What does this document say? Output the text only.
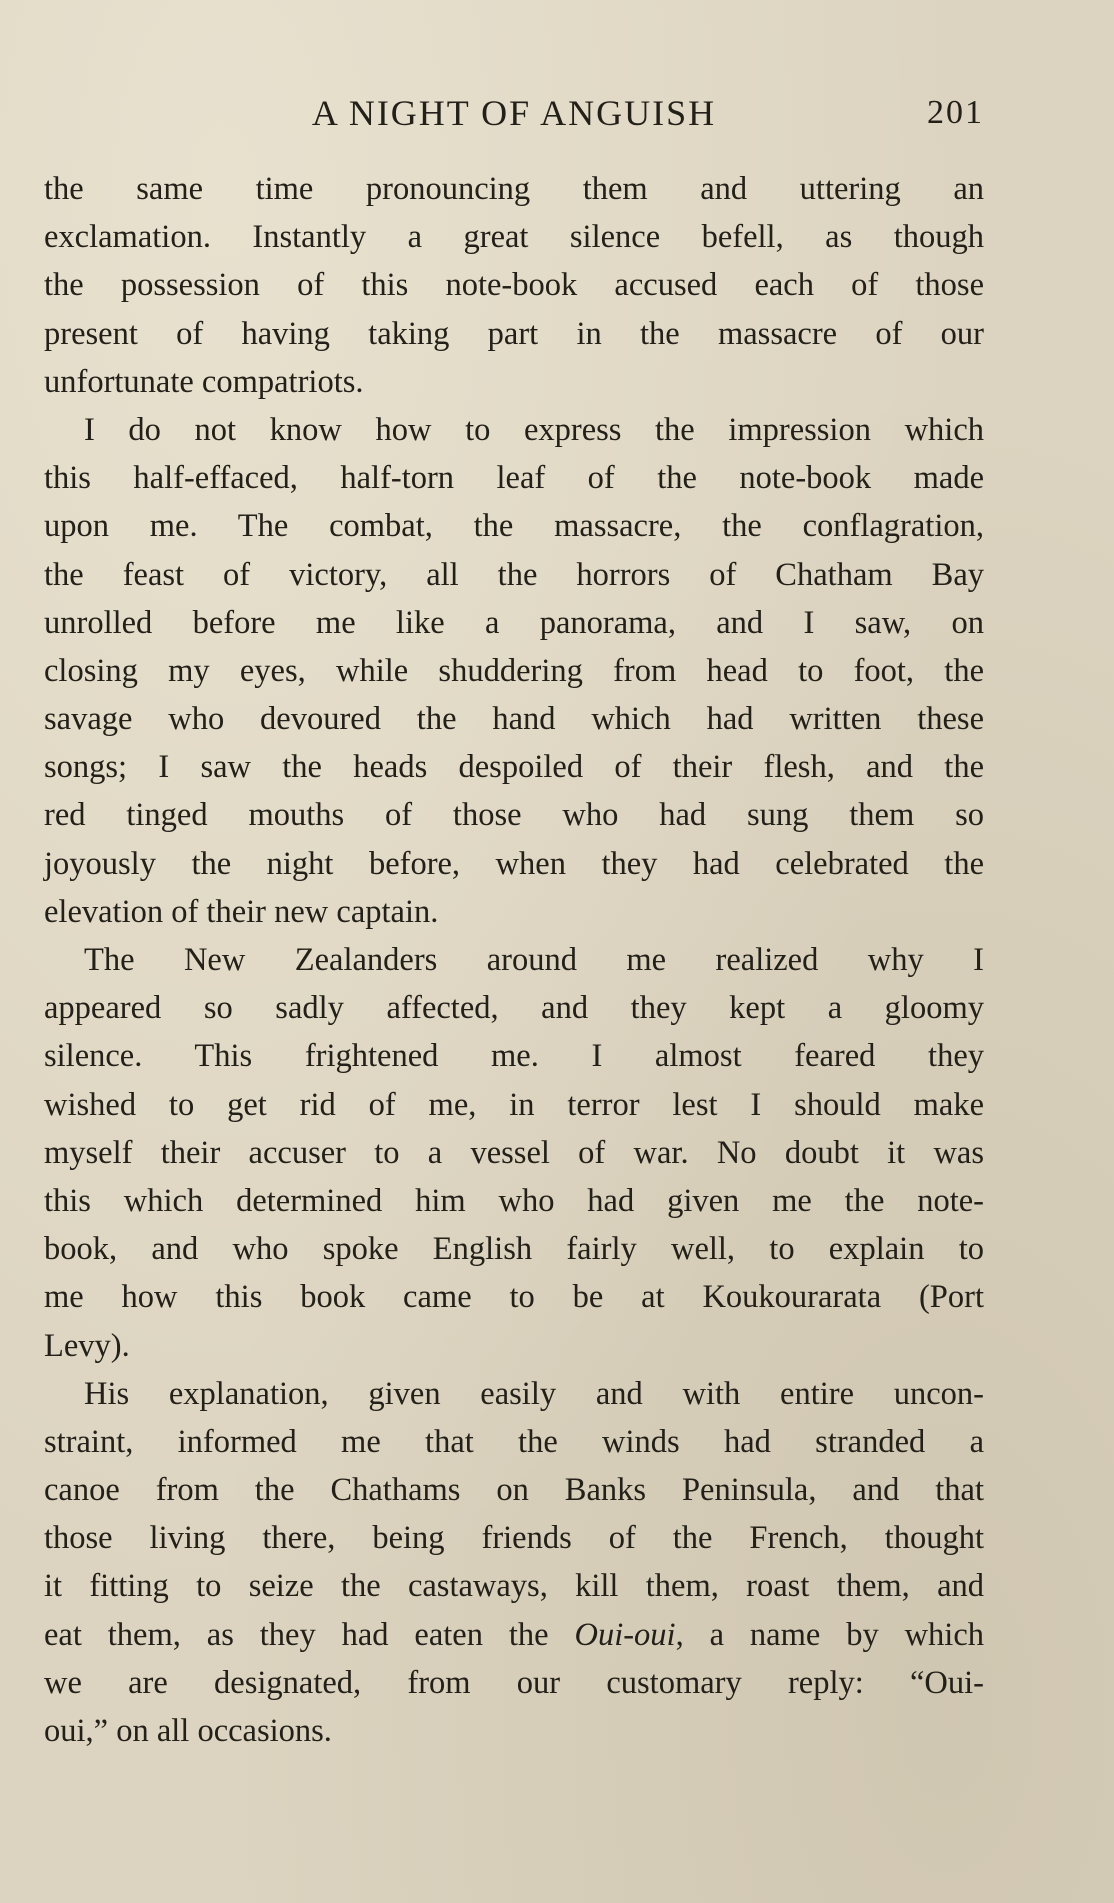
A NIGHT OF ANGUISH	201
the same time pronouncing them and uttering an
exclamation. Instantly a great silence befell, as though
the possession of this note-book accused each of those
present of having taking part in the massacre of our
unfortunate compatriots.
I do not know how to express the impression which
this half-effaced, half-torn leaf of the note-book made
upon me. The combat, the massacre, the conflagration,
the feast of victory, all the horrors of Chatham Bay
unrolled before me like a panorama, and I saw, on
closing my eyes, while shuddering from head to foot, the
savage who devoured the hand which had written these
songs; I saw the heads despoiled of their flesh, and the
red tinged mouths of those who had sung them so
joyously the night before, when they had celebrated the
elevation of their new captain.
The New Zealanders around me realized why I
appeared so sadly affected, and they kept a gloomy
silence. This frightened me. I almost feared they
wished to get rid of me, in terror lest I should make
myself their accuser to a vessel of war. No doubt it was
this which determined him who had given me the note-
book, and who spoke English fairly well, to explain to
me how this book came to be at Koukourarata (Port
Levy).
His explanation, given easily and with entire uncon-
straint, informed me that the winds had stranded a
canoe from the Chathams on Banks Peninsula, and that
those living there, being friends of the French, thought
it fitting to seize the castaways, kill them, roast them, and
eat them, as they had eaten the Oui-oui, a name by which
we are designated, from our customary reply: “Oui-
oui,” on all occasions.
